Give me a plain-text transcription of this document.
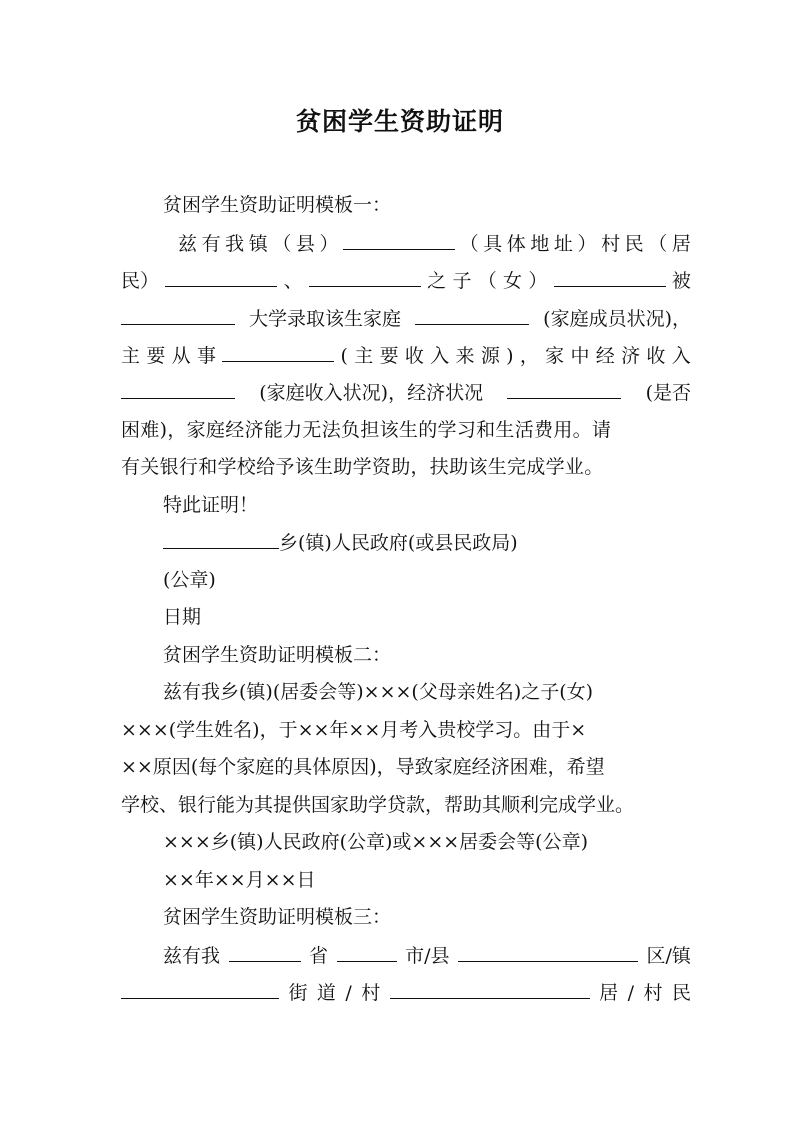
贫困学生资助证明
贫困学生资助证明模板一：
兹 有 我 镇 （ 县 ）	（ 具 体 地 址 ） 村 民 （ 居
民）	、	之 子 （ 女 ）	被
大学录取该生家庭	(家庭成员状况)，
主 要 从 事	( 主 要 收 入 来 源 ) ， 家 中 经 济 收 入
(家庭收入状况)，经济状况	(是否
困难)，家庭经济能力无法负担该生的学习和生活费用。请
有关银行和学校给予该生助学资助，扶助该生完成学业。
特此证明！
乡(镇)人民政府(或县民政局)
(公章)
日期
贫困学生资助证明模板二：
兹有我乡(镇)(居委会等)×××(父母亲姓名)之子(女)
×××(学生姓名)，于××年××月考入贵校学习。由于×
××原因(每个家庭的具体原因)，导致家庭经济困难，希望
学校、银行能为其提供国家助学贷款，帮助其顺利完成学业。
×××乡(镇)人民政府(公章)或×××居委会等(公章)
××年××月××日
贫困学生资助证明模板三：
兹有我	省	市/县	区/镇
街 道 / 村	居 / 村 民
